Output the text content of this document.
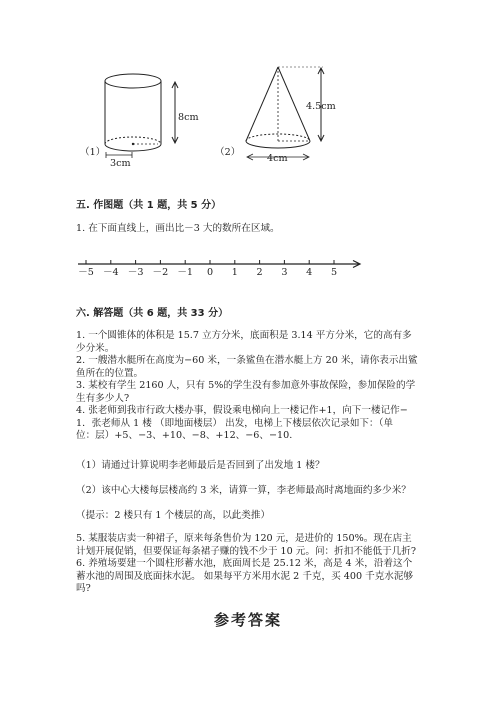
8cm
（1）
3cm
4.5cm
（2）
4cm
五. 作图题（共 1 题，共 5 分）
1. 在下面直线上，画出比－3 大的数所在区域。
－5 －4 －3 －2 －1	0	1	2	3	4	5
六. 解答题（共 6 题，共 33 分）
1. 一个圆锥体的体积是 15.7 立方分米，底面积是 3.14 平方分米，它的高有多
少分米。
2. 一艘潜水艇所在高度为−60 米，一条鲨鱼在潜水艇上方 20 米，请你表示出鲨
鱼所在的位置。
3. 某校有学生 2160 人，只有 5%的学生没有参加意外事故保险，参加保险的学
生有多少人?
4. 张老师到我市行政大楼办事，假设乘电梯向上一楼记作+1，向下一楼记作−
1．张老师从 1 楼 （即地面楼层） 出发，电梯上下楼层依次记录如下：（单
位：层）+5、−3、+10、−8、+12、−6、−10.
（1）请通过计算说明李老师最后是否回到了出发地 1 楼？
（2）该中心大楼每层楼高约 3 米，请算一算，李老师最高时离地面约多少米？
（提示：2 楼只有 1 个楼层的高，以此类推）
5. 某服装店卖一种裙子，原来每条售价为 120 元，是进价的 150%。现在店主
计划开展促销，但要保证每条裙子赚的钱不少于 10 元。问：折扣不能低于几折?
6. 养殖场要建一个圆柱形蓄水池，底面周长是 25.12 米，高是 4 米，沿着这个
蓄水池的周围及底面抹水泥。 如果每平方米用水泥 2 千克，买 400 千克水泥够
吗?
参考答案
